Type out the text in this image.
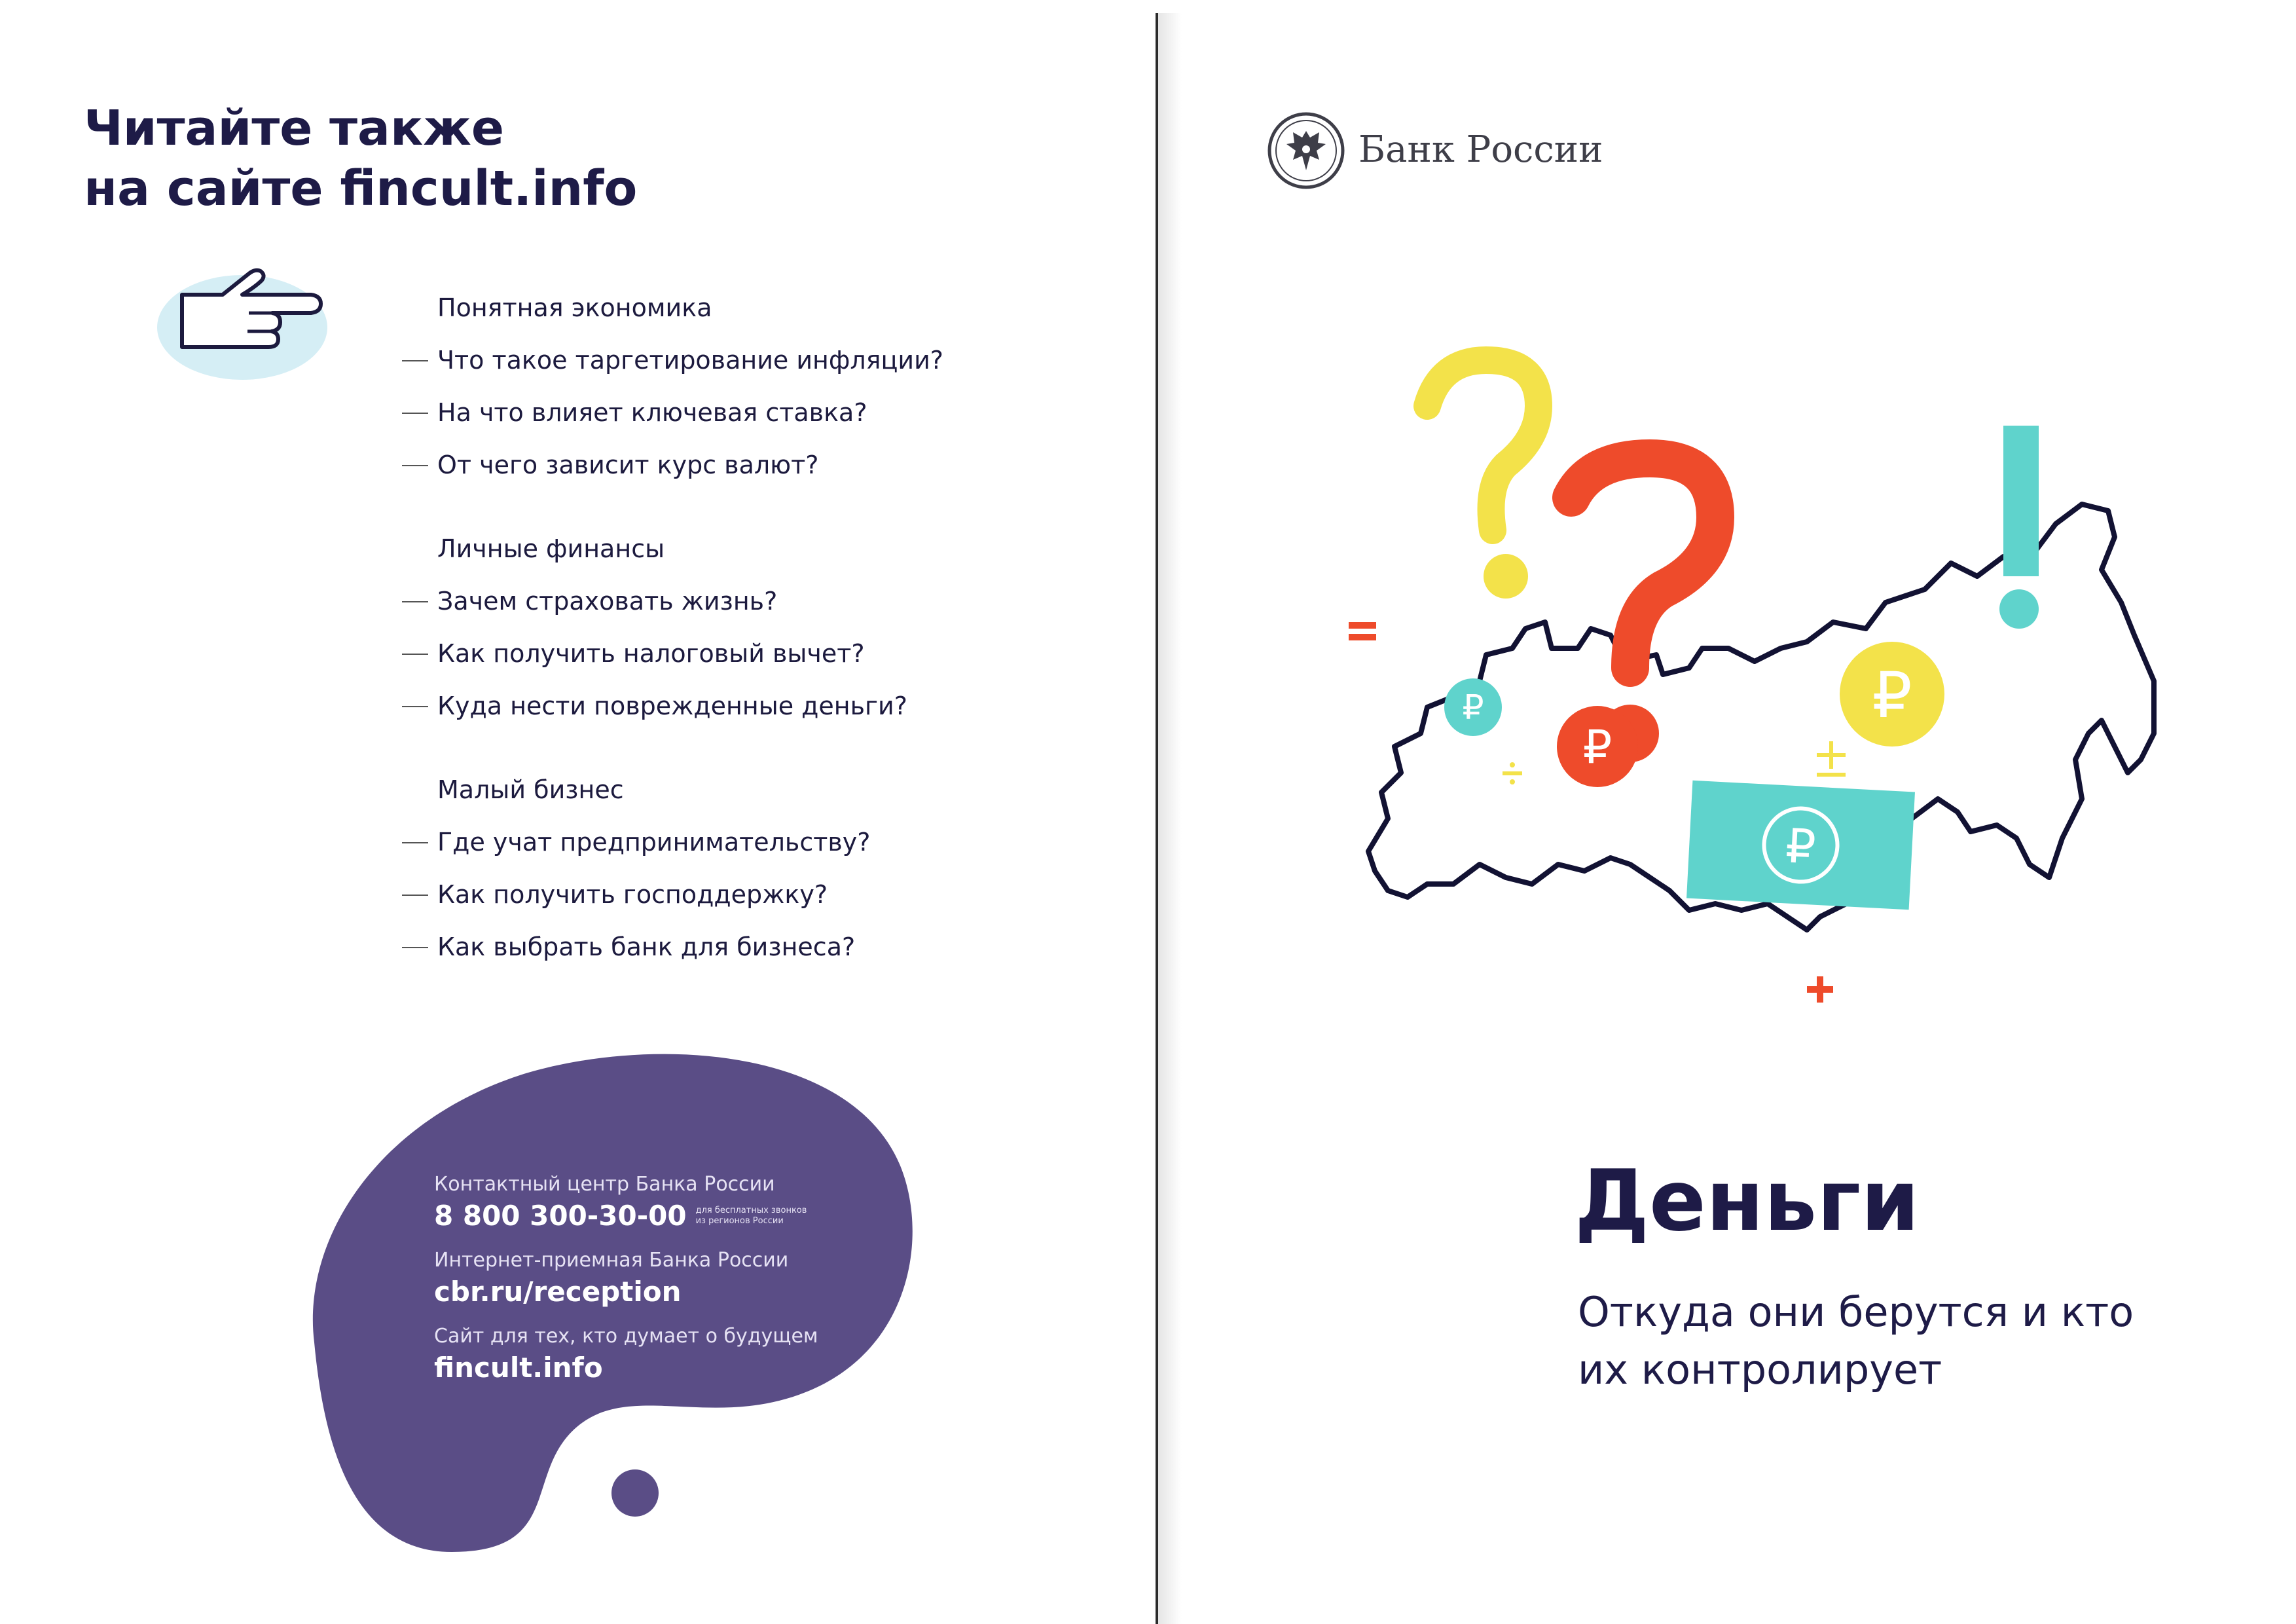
Читайте также
на сайте fincult.info
Понятная экономика
Что такое таргетирование инфляции?
На что влияет ключевая ставка?
От чего зависит курс валют?
Личные финансы
Зачем страховать жизнь?
Как получить налоговый вычет?
Куда нести поврежденные деньги?
Малый бизнес
Где учат предпринимательству?
Как получить господдержку?
Как выбрать банк для бизнеса?
Контактный центр Банка России
8 800 300-30-00 для бесплатных звонков
из регионов России
Интернет-приемная Банка России
cbr.ru/reception
Сайт для тех, кто думает о будущем
fincult.info
Банк России
₽
₽
₽
₽
Деньги
Откуда они берутся и кто их контролирует
